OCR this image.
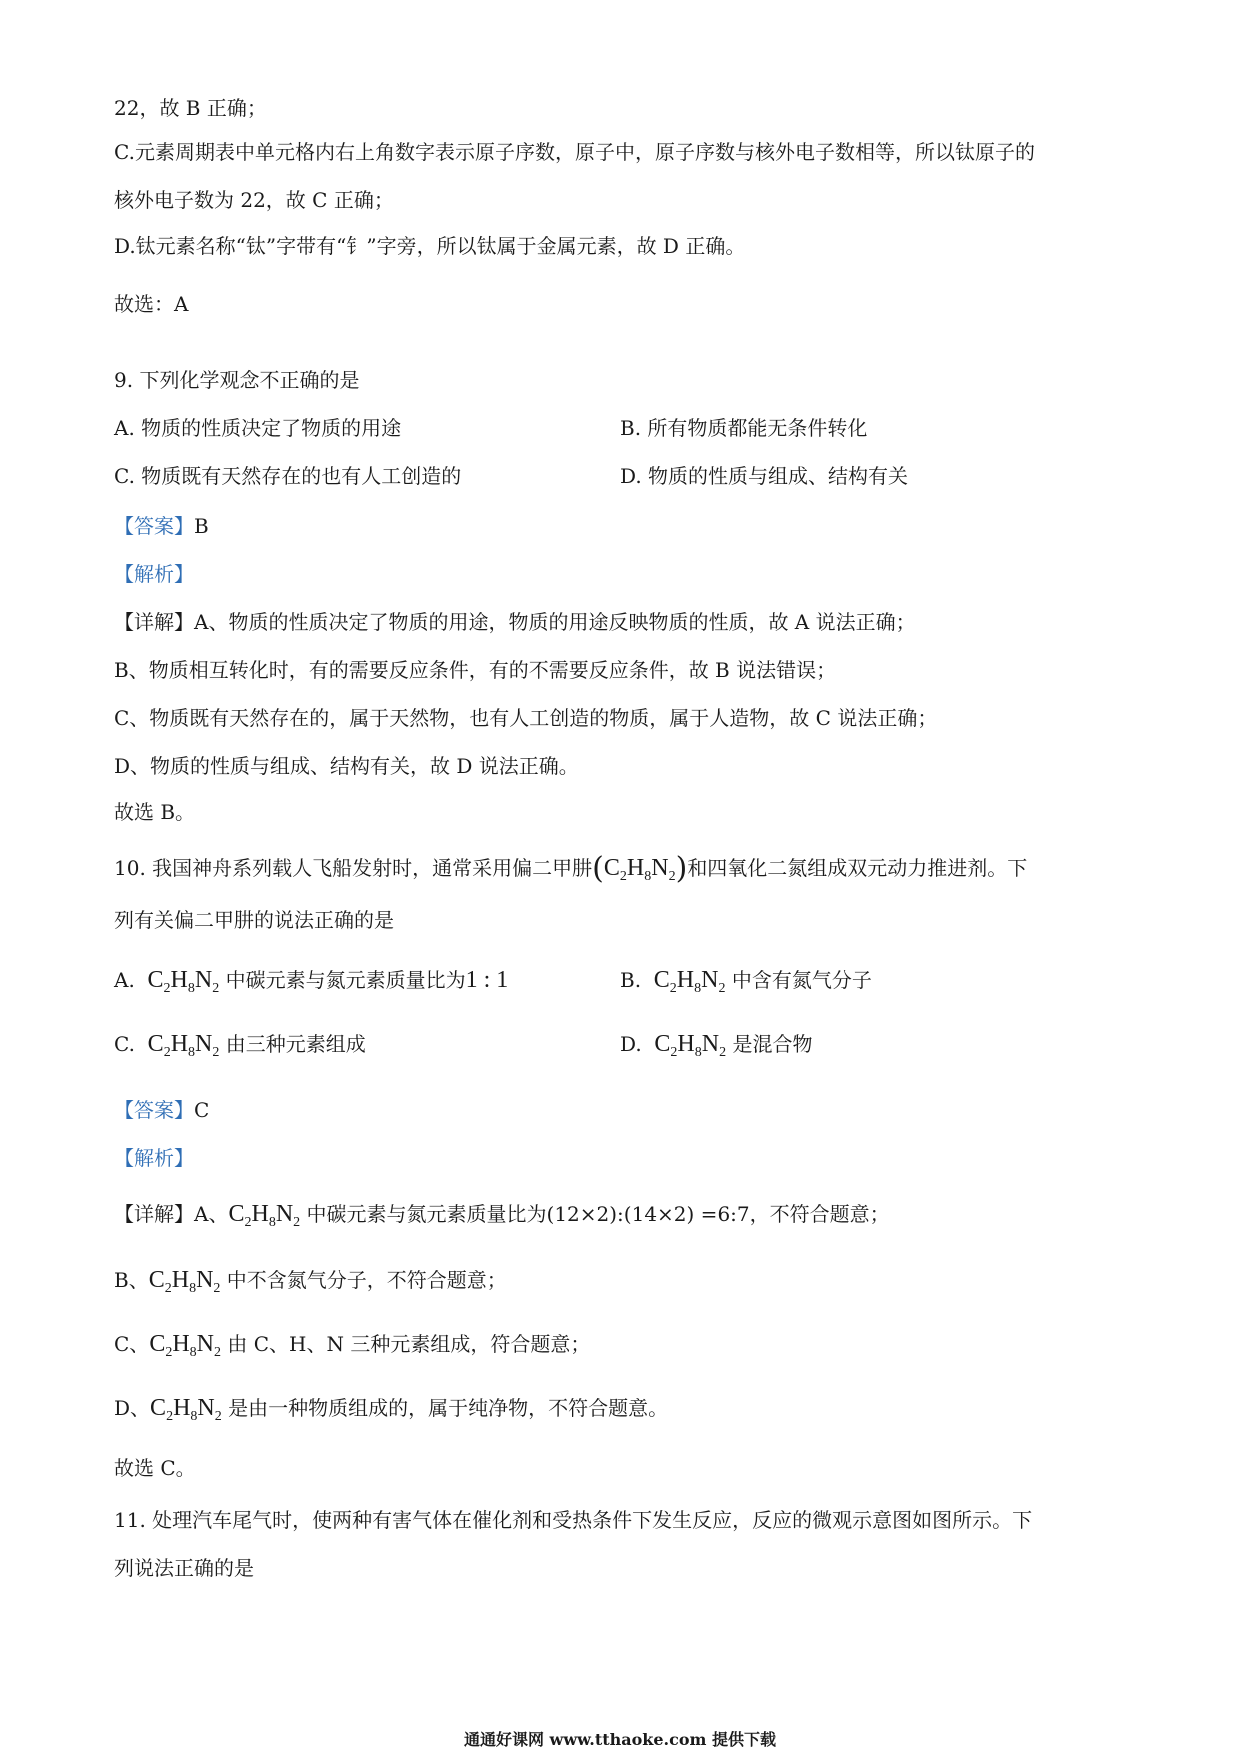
22，故 B 正确；
C.元素周期表中单元格内右上角数字表示原子序数，原子中，原子序数与核外电子数相等，所以钛原子的
核外电子数为 22，故 C 正确；
D.钛元素名称“钛”字带有“钅”字旁，所以钛属于金属元素，故 D 正确。
故选：A
9. 下列化学观念不正确的是
A. 物质的性质决定了物质的用途	B. 所有物质都能无条件转化
C. 物质既有天然存在的也有人工创造的	D. 物质的性质与组成、结构有关
【答案】B
【解析】
【详解】A、物质的性质决定了物质的用途，物质的用途反映物质的性质，故 A 说法正确；
B、物质相互转化时，有的需要反应条件，有的不需要反应条件，故 B 说法错误；
C、物质既有天然存在的，属于天然物，也有人工创造的物质，属于人造物，故 C 说法正确；
D、物质的性质与组成、结构有关，故 D 说法正确。
故选 B。
10. 我国神舟系列载人飞船发射时，通常采用偏二甲肼$(C_2H_8N_2)$和四氧化二氮组成双元动力推进剂。下
列有关偏二甲肼的说法正确的是
A. $C_2H_8N_2$ 中碳元素与氮元素质量比为1 : 1	B. $C_2H_8N_2$ 中含有氮气分子
C. $C_2H_8N_2$ 由三种元素组成	D. $C_2H_8N_2$ 是混合物
【答案】C
【解析】
【详解】A、$C_2H_8N_2$ 中碳元素与氮元素质量比为(12×2):(14×2) =6:7，不符合题意；
B、$C_2H_8N_2$ 中不含氮气分子，不符合题意；
C、$C_2H_8N_2$ 由 C、H、N 三种元素组成，符合题意；
D、$C_2H_8N_2$ 是由一种物质组成的，属于纯净物，不符合题意。
故选 C。
11. 处理汽车尾气时，使两种有害气体在催化剂和受热条件下发生反应，反应的微观示意图如图所示。下
列说法正确的是
通通好课网 www.tthaoke.com 提供下载
